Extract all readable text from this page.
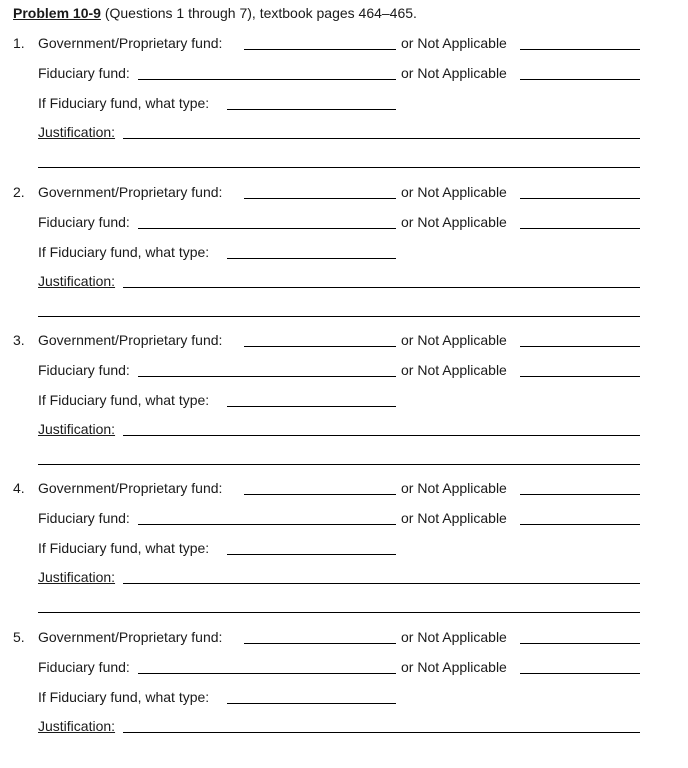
Problem 10-9 (Questions 1 through 7), textbook pages 464–465.
1. Government/Proprietary fund:	or Not Applicable
Fiduciary fund:	or Not Applicable
If Fiduciary fund, what type:
Justification:
2. Government/Proprietary fund:	or Not Applicable
Fiduciary fund:	or Not Applicable
If Fiduciary fund, what type:
Justification:
3. Government/Proprietary fund:	or Not Applicable
Fiduciary fund:	or Not Applicable
If Fiduciary fund, what type:
Justification:
4. Government/Proprietary fund:	or Not Applicable
Fiduciary fund:	or Not Applicable
If Fiduciary fund, what type:
Justification:
5. Government/Proprietary fund:	or Not Applicable
Fiduciary fund:	or Not Applicable
If Fiduciary fund, what type:
Justification:
